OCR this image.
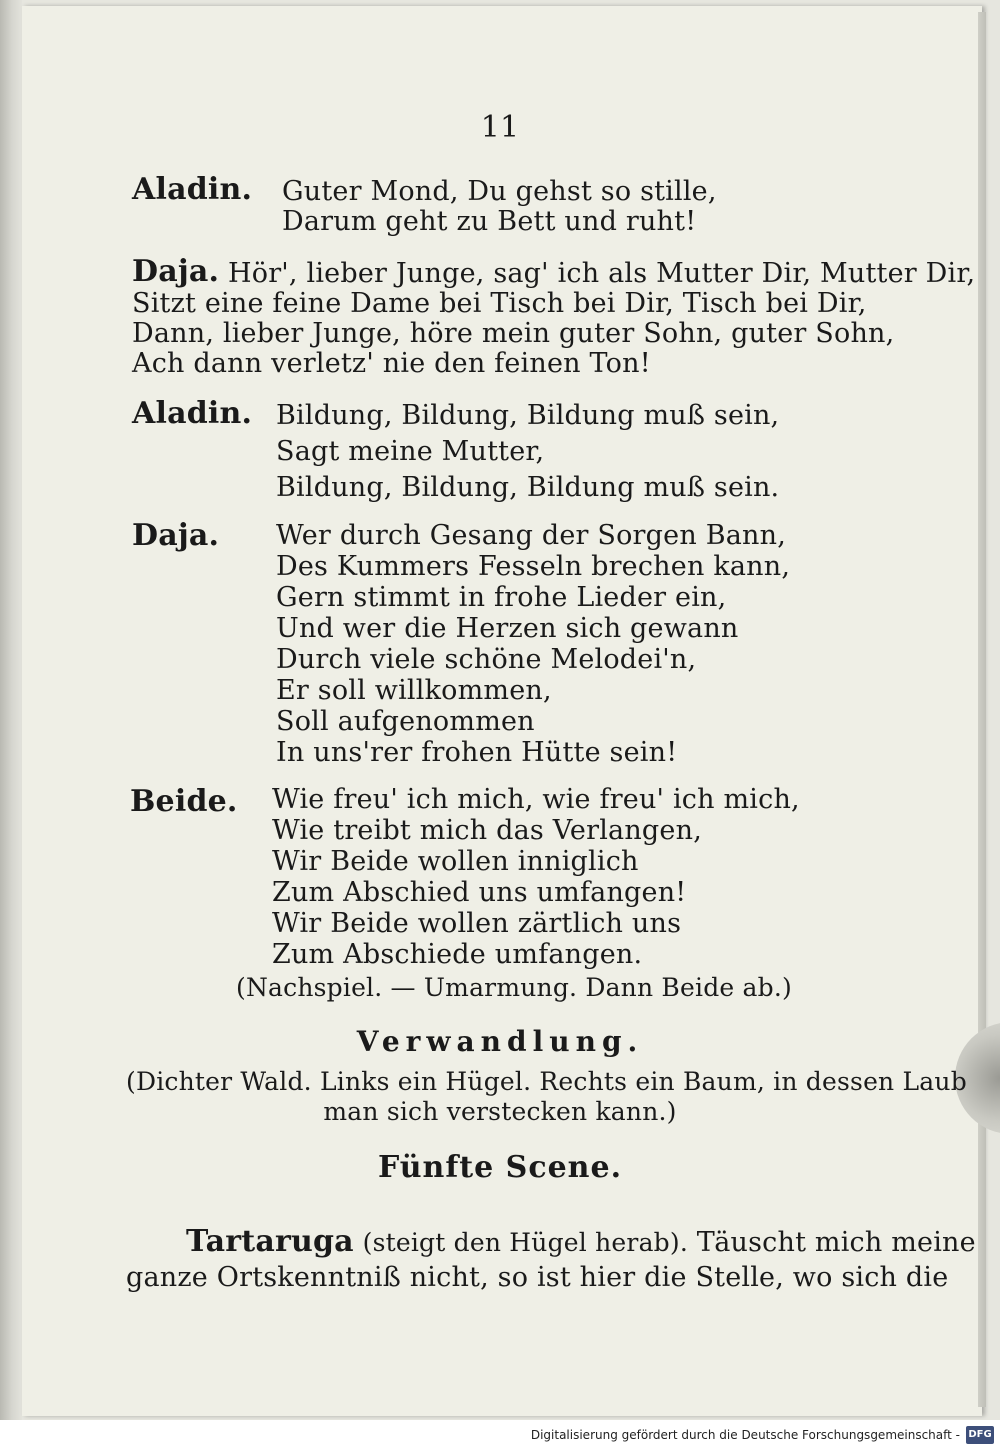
11
Aladin. Guter Mond, Du gehst so stille,
Darum geht zu Bett und ruht!
Daja. Hör', lieber Junge, sag' ich als Mutter Dir, Mutter Dir,
Sitzt eine feine Dame bei Tisch bei Dir, Tisch bei Dir,
Dann, lieber Junge, höre mein guter Sohn, guter Sohn,
Ach dann verletz' nie den feinen Ton!
Aladin. Bildung, Bildung, Bildung muß sein,
Sagt meine Mutter,
Bildung, Bildung, Bildung muß sein.
Daja. Wer durch Gesang der Sorgen Bann,
Des Kummers Fesseln brechen kann,
Gern stimmt in frohe Lieder ein,
Und wer die Herzen sich gewann
Durch viele schöne Melodei'n,
Er soll willkommen,
Soll aufgenommen
In uns'rer frohen Hütte sein!
Beide. Wie freu' ich mich, wie freu' ich mich,
Wie treibt mich das Verlangen,
Wir Beide wollen inniglich
Zum Abschied uns umfangen!
Wir Beide wollen zärtlich uns
Zum Abschiede umfangen.
(Nachspiel. — Umarmung. Dann Beide ab.)
Verwandlung.
(Dichter Wald. Links ein Hügel. Rechts ein Baum, in dessen Laub
man sich verstecken kann.)
Fünfte Scene.
Tartaruga (steigt den Hügel herab). Täuscht mich meine
ganze Ortskenntniß nicht, so ist hier die Stelle, wo sich die
Digitalisierung gefördert durch die Deutsche Forschungsgemeinschaft - DFG
